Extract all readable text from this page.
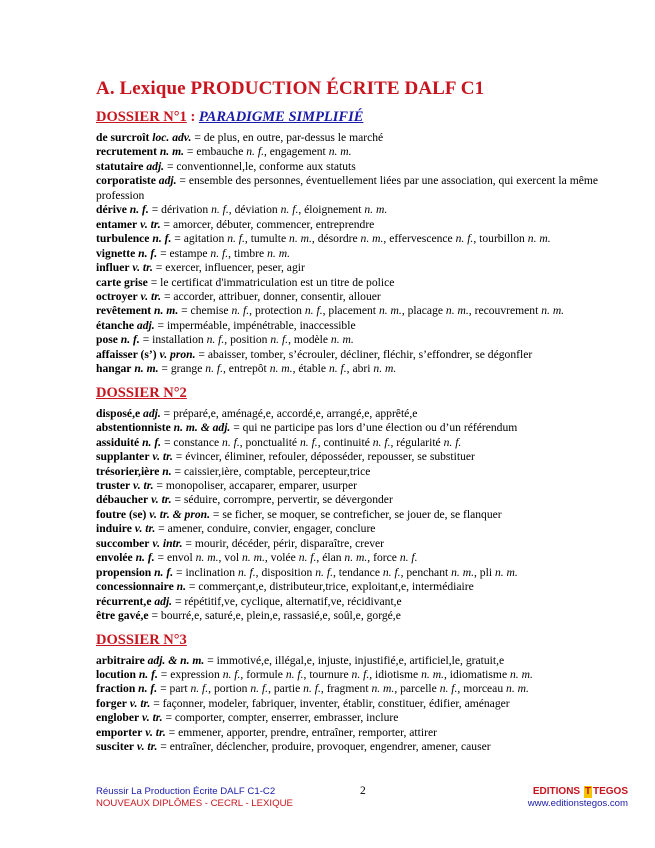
A. Lexique PRODUCTION ÉCRITE DALF C1
DOSSIER N°1 : PARADIGME SIMPLIFIÉ

de surcroît loc. adv. = de plus, en outre, par-dessus le marché

recrutement n. m. = embauche n. f., engagement n. m.

statutaire adj. = conventionnel,le, conforme aux statuts

corporatiste adj. = ensemble des personnes, éventuellement liées par une association, qui exercent la même profession

dérive n. f. = dérivation n. f., déviation n. f., éloignement n. m.

entamer v. tr. = amorcer, débuter, commencer, entreprendre

turbulence n. f. = agitation n. f., tumulte n. m., désordre n. m., effervescence n. f., tourbillon n. m.

vignette n. f. = estampe n. f., timbre n. m.

influer v. tr. = exercer, influencer, peser, agir

carte grise = le certificat d'immatriculation est un titre de police

octroyer v. tr. = accorder, attribuer, donner, consentir, allouer

revêtement n. m. = chemise n. f., protection n. f., placement n. m., placage n. m., recouvrement n. m.

étanche adj. = imperméable, impénétrable, inaccessible

pose n. f. = installation n. f., position n. f., modèle n. m.

affaisser (s’) v. pron. = abaisser, tomber, s’écrouler, décliner, fléchir, s’effondrer, se dégonfler

hangar n. m. = grange n. f., entrepôt n. m., étable n. f., abri n. m.

DOSSIER N°2

disposé,e adj. = préparé,e, aménagé,e, accordé,e, arrangé,e, apprêté,e

abstentionniste n. m. & adj. = qui ne participe pas lors d’une élection ou d’un référendum

assiduité n. f. = constance n. f., ponctualité n. f., continuité n. f., régularité n. f.

supplanter v. tr. = évincer, éliminer, refouler, déposséder, repousser, se substituer

trésorier,ière n. = caissier,ière, comptable, percepteur,trice

truster v. tr. = monopoliser, accaparer, emparer, usurper

débaucher v. tr. = séduire, corrompre, pervertir, se dévergonder

foutre (se) v. tr. & pron. = se ficher, se moquer, se contreficher, se jouer de, se flanquer

induire v. tr. = amener, conduire, convier, engager, conclure

succomber v. intr. = mourir, décéder, périr, disparaître, crever

envolée n. f. = envol n. m., vol n. m., volée n. f., élan n. m., force n. f.

propension n. f. = inclination n. f., disposition n. f., tendance n. f., penchant n. m., pli n. m.

concessionnaire n. = commerçant,e, distributeur,trice, exploitant,e, intermédiaire

récurrent,e adj. = répétitif,ve, cyclique, alternatif,ve, récidivant,e

être gavé,e = bourré,e, saturé,e, plein,e, rassasié,e, soûl,e, gorgé,e

DOSSIER N°3

arbitraire adj. & n. m. = immotivé,e, illégal,e, injuste, injustifié,e, artificiel,le, gratuit,e

locution n. f. = expression n. f., formule n. f., tournure n. f., idiotisme n. m., idiomatisme n. m.

fraction n. f. = part n. f., portion n. f., partie n. f., fragment n. m., parcelle n. f., morceau n. m.

forger v. tr. = façonner, modeler, fabriquer, inventer, établir, constituer, édifier, aménager

englober v. tr. = comporter, compter, enserrer, embrasser, inclure

emporter v. tr. = emmener, apporter, prendre, entraîner, remporter, attirer

susciter v. tr. = entraîner, déclencher, produire, provoquer, engendrer, amener, causer

Réussir La Production Écrite DALF C1-C2
NOUVEAUX DIPLÔMES - CECRL - LEXIQUE
2	EDITIONS T TEGOS
www.editionstegos.com
